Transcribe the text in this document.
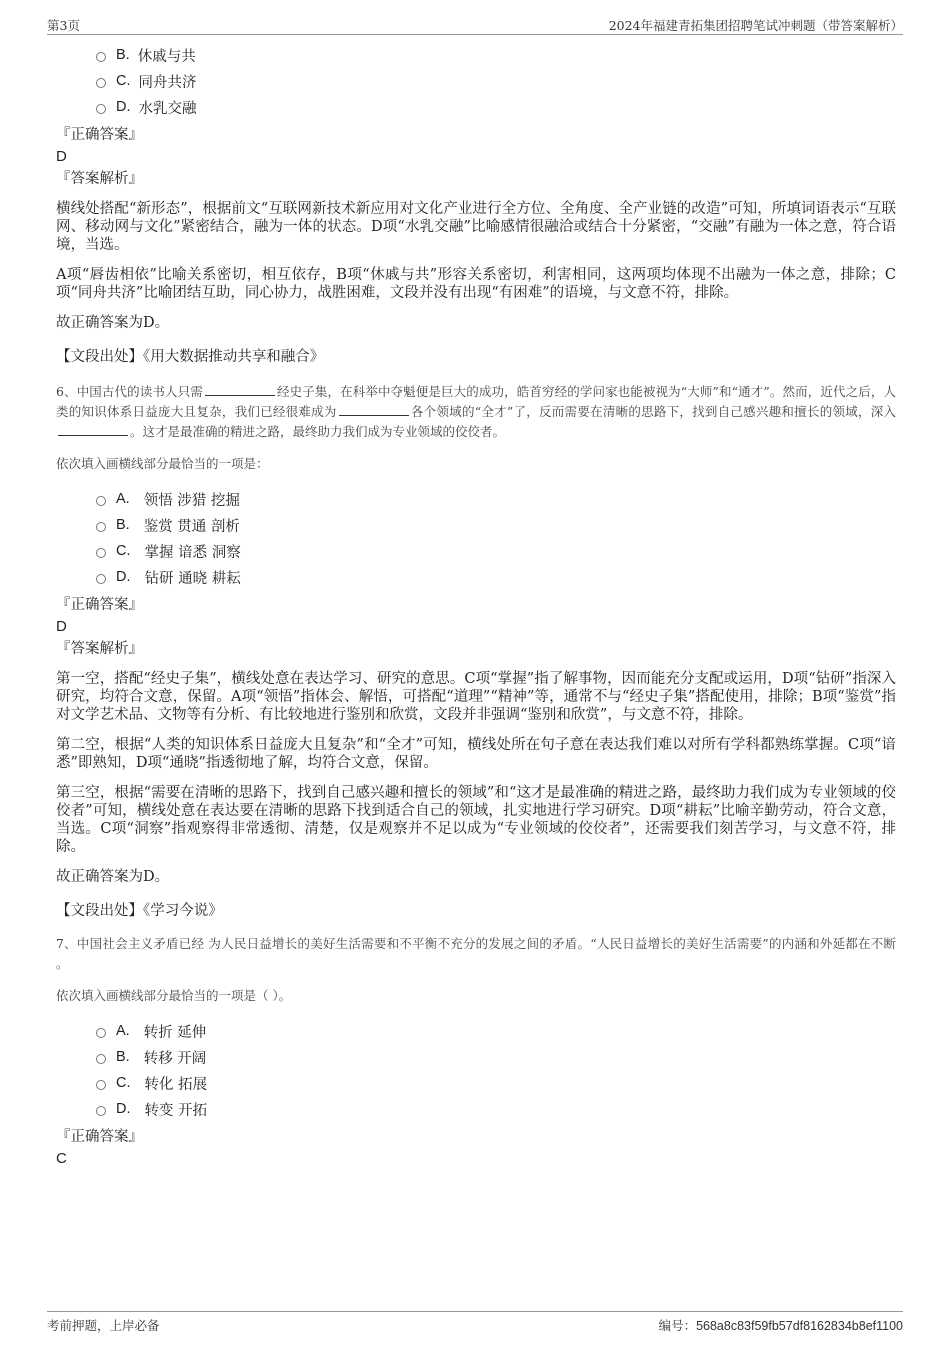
第3页	2024年福建青拓集团招聘笔试冲刺题（带答案解析）
B. 休戚与共
C. 同舟共济
D. 水乳交融
『正确答案』
D
『答案解析』

横线处搭配“新形态”，根据前文“互联网新技术新应用对文化产业进行全方位、全角度、全产业链的改造”可知，所填词语表示“互联网、移动网与文化”紧密结合，融为一体的状态。D项“水乳交融”比喻感情很融洽或结合十分紧密，“交融”有融为一体之意，符合语境，当选。

A项“唇齿相依”比喻关系密切，相互依存，B项“休戚与共”形容关系密切，利害相同，这两项均体现不出融为一体之意，排除；C项“同舟共济”比喻团结互助，同心协力，战胜困难，文段并没有出现“有困难”的语境，与文意不符，排除。

故正确答案为D。

【文段出处】《用大数据推动共享和融合》

6、中国古代的读书人只需	经史子集，在科举中夺魁便是巨大的成功，皓首穷经的学问家也能被视为“大师”和“通才”。然而，近代之后，人类的知识体系日益庞大且复杂，我们已经很难成为	各个领域的“全才”了，反而需要在清晰的思路下，找到自己感兴趣和擅长的领域，深入。这才是最准确的精进之路，最终助力我们成为专业领域的佼佼者。

依次填入画横线部分最恰当的一项是：
A. 领悟 涉猎 挖掘
B. 鉴赏 贯通 剖析
C. 掌握 谙悉 洞察
D. 钻研 通晓 耕耘
『正确答案』
D
『答案解析』

第一空，搭配“经史子集”，横线处意在表达学习、研究的意思。C项“掌握”指了解事物，因而能充分支配或运用，D项“钻研”指深入研究，均符合文意，保留。A项“领悟”指体会、解悟，可搭配“道理”“精神”等，通常不与“经史子集”搭配使用，排除；B项“鉴赏”指对文学艺术品、文物等有分析、有比较地进行鉴别和欣赏，文段并非强调“鉴别和欣赏”，与文意不符，排除。

第二空，根据“人类的知识体系日益庞大且复杂”和“全才”可知，横线处所在句子意在表达我们难以对所有学科都熟练掌握。C项“谙悉”即熟知，D项“通晓”指透彻地了解，均符合文意，保留。

第三空，根据“需要在清晰的思路下，找到自己感兴趣和擅长的领域”和“这才是最准确的精进之路，最终助力我们成为专业领域的佼佼者”可知，横线处意在表达要在清晰的思路下找到适合自己的领域，扎实地进行学习研究。D项“耕耘”比喻辛勤劳动，符合文意，当选。C项“洞察”指观察得非常透彻、清楚，仅是观察并不足以成为“专业领域的佼佼者”，还需要我们刻苦学习，与文意不符，排除。

故正确答案为D。

【文段出处】《学习今说》

7、中国社会主义矛盾已经 为人民日益增长的美好生活需要和不平衡不充分的发展之间的矛盾。“人民日益增长的美好生活需要”的内涵和外延都在不断 。

依次填入画横线部分最恰当的一项是（ ）。
A. 转折 延伸
B. 转移 开阔
C. 转化 拓展
D. 转变 开拓
『正确答案』
C
考前押题，上岸必备	编号：568a8c83f59fb57df8162834b8ef1100
